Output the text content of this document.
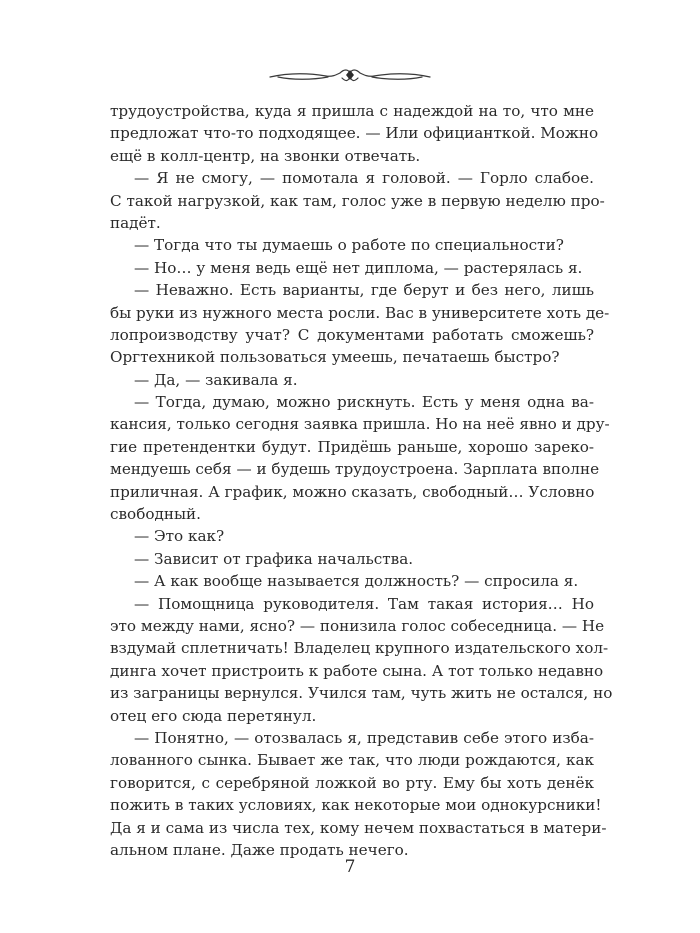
трудоустройства, куда я пришла с надеждой на то, что мне
предложат что-то подходящее. — Или официанткой. Можно
ещё в колл-центр, на звонки отвечать.
— Я не смогу, — помотала я головой. — Горло слабое.
С такой нагрузкой, как там, голос уже в первую неделю про-
падёт.
— Тогда что ты думаешь о работе по специальности?
— Но… у меня ведь ещё нет диплома, — растерялась я.
— Неважно. Есть варианты, где берут и без него, лишь
бы руки из нужного места росли. Вас в университете хоть де-
лопроизводству учат? С документами работать сможешь?
Оргтехникой пользоваться умеешь, печатаешь быстро?
— Да, — закивала я.
— Тогда, думаю, можно рискнуть. Есть у меня одна ва-
кансия, только сегодня заявка пришла. Но на неё явно и дру-
гие претендентки будут. Придёшь раньше, хорошо зареко-
мендуешь себя — и будешь трудоустроена. Зарплата вполне
приличная. А график, можно сказать, свободный… Условно
свободный.
— Это как?
— Зависит от графика начальства.
— А как вообще называется должность? — спросила я.
— Помощница руководителя. Там такая история… Но
это между нами, ясно? — понизила голос собеседница. — Не
вздумай сплетничать! Владелец крупного издательского хол-
динга хочет пристроить к работе сына. А тот только недавно
из заграницы вернулся. Учился там, чуть жить не остался, но
отец его сюда перетянул.
— Понятно, — отозвалась я, представив себе этого изба-
лованного сынка. Бывает же так, что люди рождаются, как
говорится, с серебряной ложкой во рту. Ему бы хоть денёк
пожить в таких условиях, как некоторые мои однокурсники!
Да я и сама из числа тех, кому нечем похвастаться в матери-
альном плане. Даже продать нечего.
7
